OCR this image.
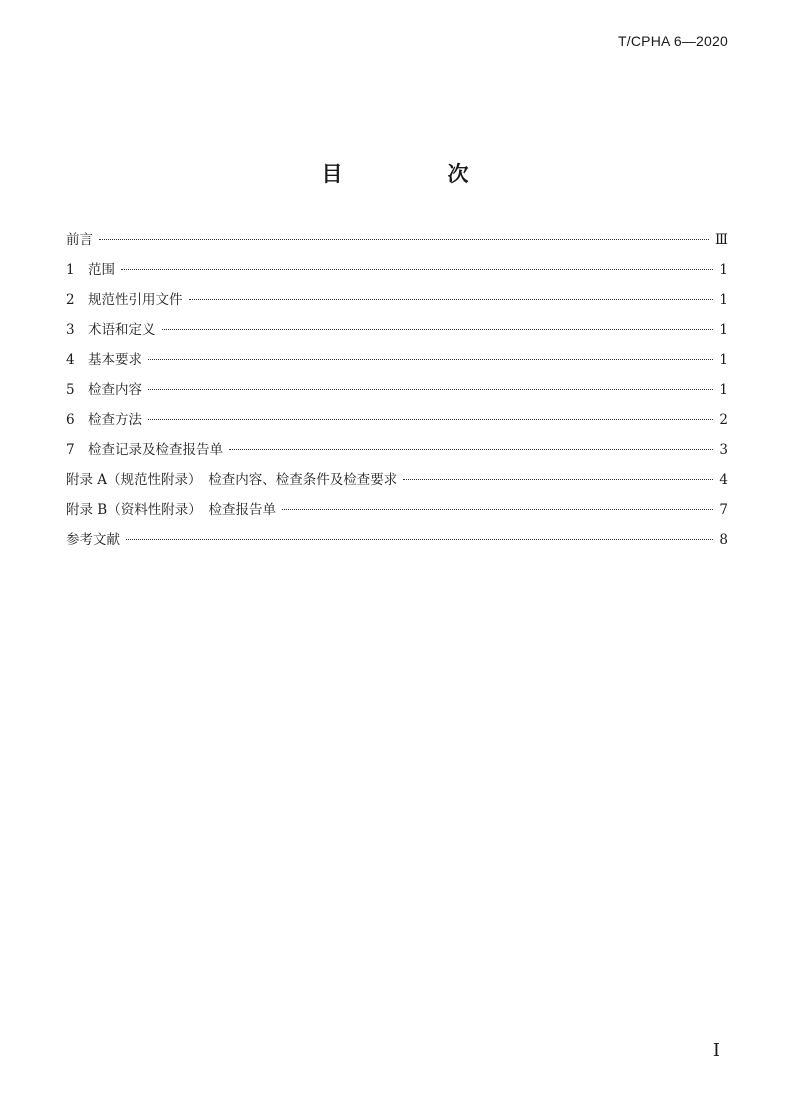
T/CPHA 6—2020
目　次
前言	Ⅲ
1 范围	1
2 规范性引用文件	1
3 术语和定义	1
4 基本要求	1
5 检查内容	1
6 检查方法	2
7 检查记录及检查报告单	3
附录 A（规范性附录）　检查内容、检查条件及检查要求	4
附录 B（资料性附录）　检查报告单	7
参考文献	8
I
